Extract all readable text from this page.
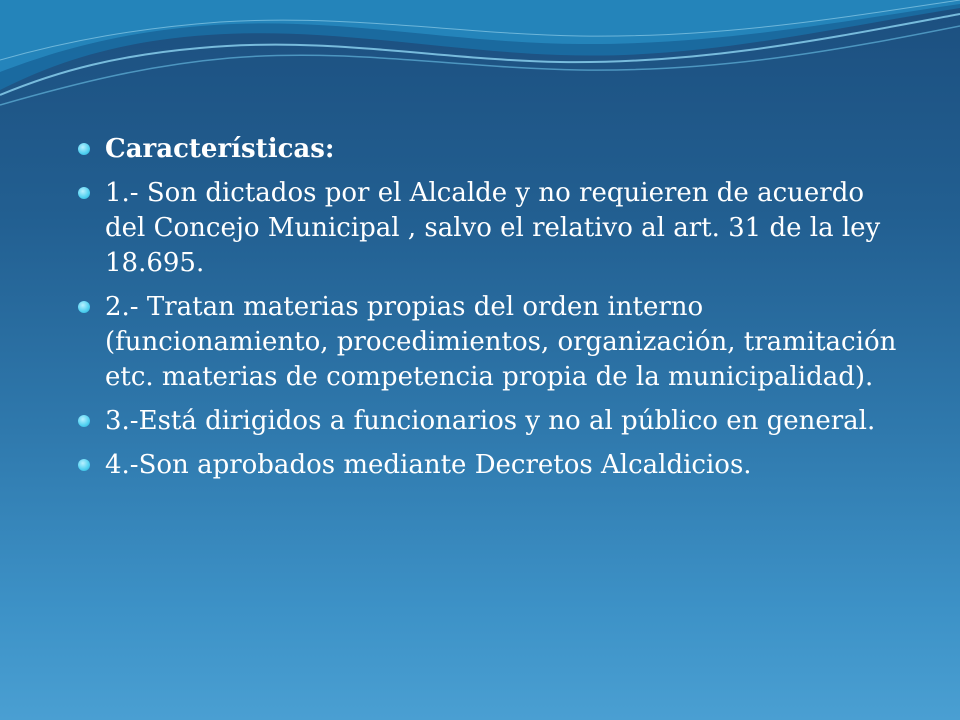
Características:
1.- Son dictados por el Alcalde y no requieren de acuerdo del Concejo Municipal , salvo el relativo al art. 31 de la ley 18.695.
2.- Tratan materias propias del orden interno (funcionamiento, procedimientos, organización, tramitación etc. materias de competencia propia de la municipalidad).
3.-Está dirigidos a funcionarios y no al público en general.
4.-Son aprobados mediante Decretos Alcaldicios.
